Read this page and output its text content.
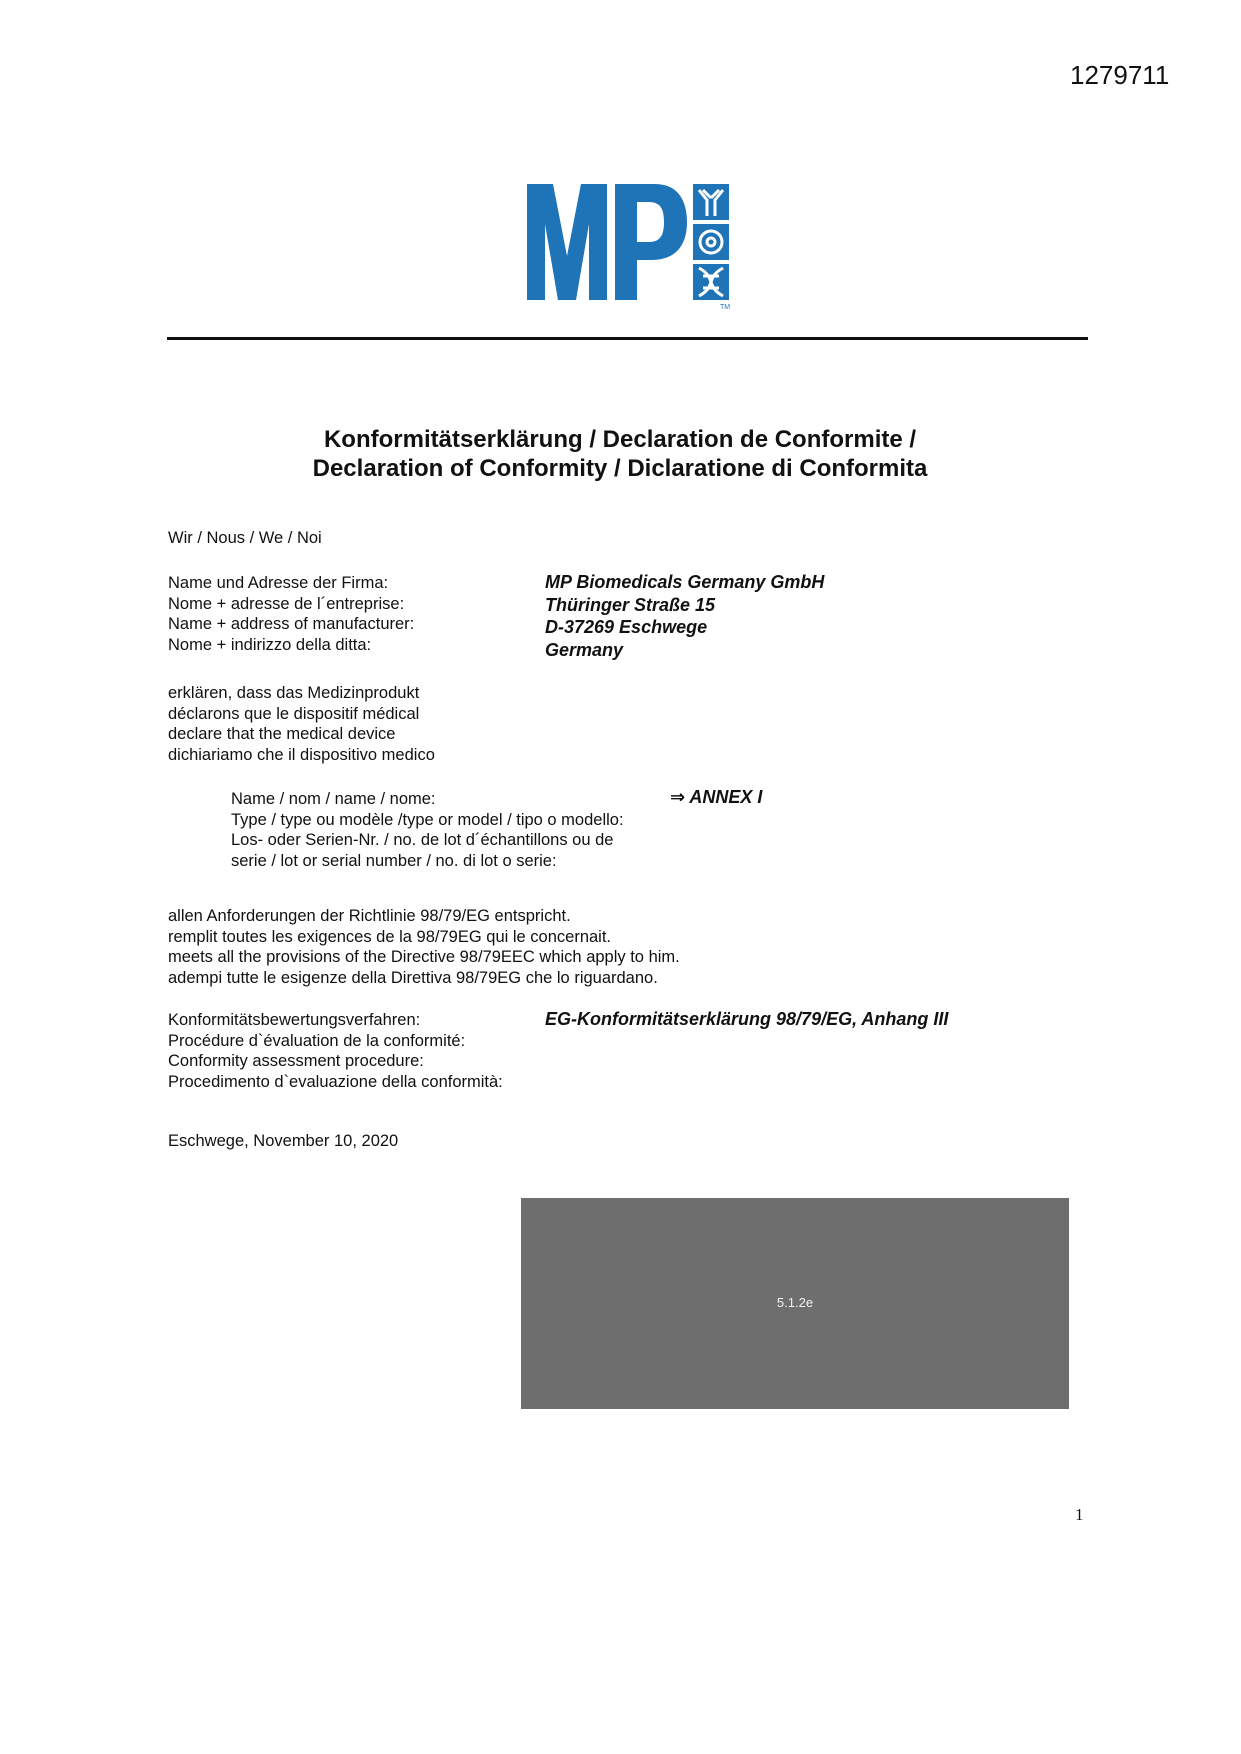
1279711
TM
Konformitätserklärung / Declaration de Conformite /
Declaration of Conformity / Diclaratione di Conformita
Wir / Nous / We / Noi
Name und Adresse der Firma:
Nome + adresse de l´entreprise:
Name + address of manufacturer:
Nome + indirizzo della ditta:
MP Biomedicals Germany GmbH
Thüringer Straße 15
D-37269 Eschwege
Germany
erklären, dass das Medizinprodukt
déclarons que le dispositif médical
declare that the medical device
dichiariamo che il dispositivo medico
Name / nom / name / nome:
Type / type ou modèle /type or model / tipo o modello:
Los- oder Serien-Nr. / no. de lot d´échantillons ou de
serie / lot or serial number / no. di lot o serie:
⇒ ANNEX I
allen Anforderungen der Richtlinie 98/79/EG entspricht.
remplit toutes les exigences de la 98/79EG qui le concernait.
meets all the provisions of the Directive 98/79EEC which apply to him.
adempi tutte le esigenze della Direttiva 98/79EG che lo riguardano.
Konformitätsbewertungsverfahren:
Procédure d`évaluation de la conformité:
Conformity assessment procedure:
Procedimento d`evaluazione della conformità:
EG-Konformitätserklärung 98/79/EG, Anhang III
Eschwege, November 10, 2020
5.1.2e
1
